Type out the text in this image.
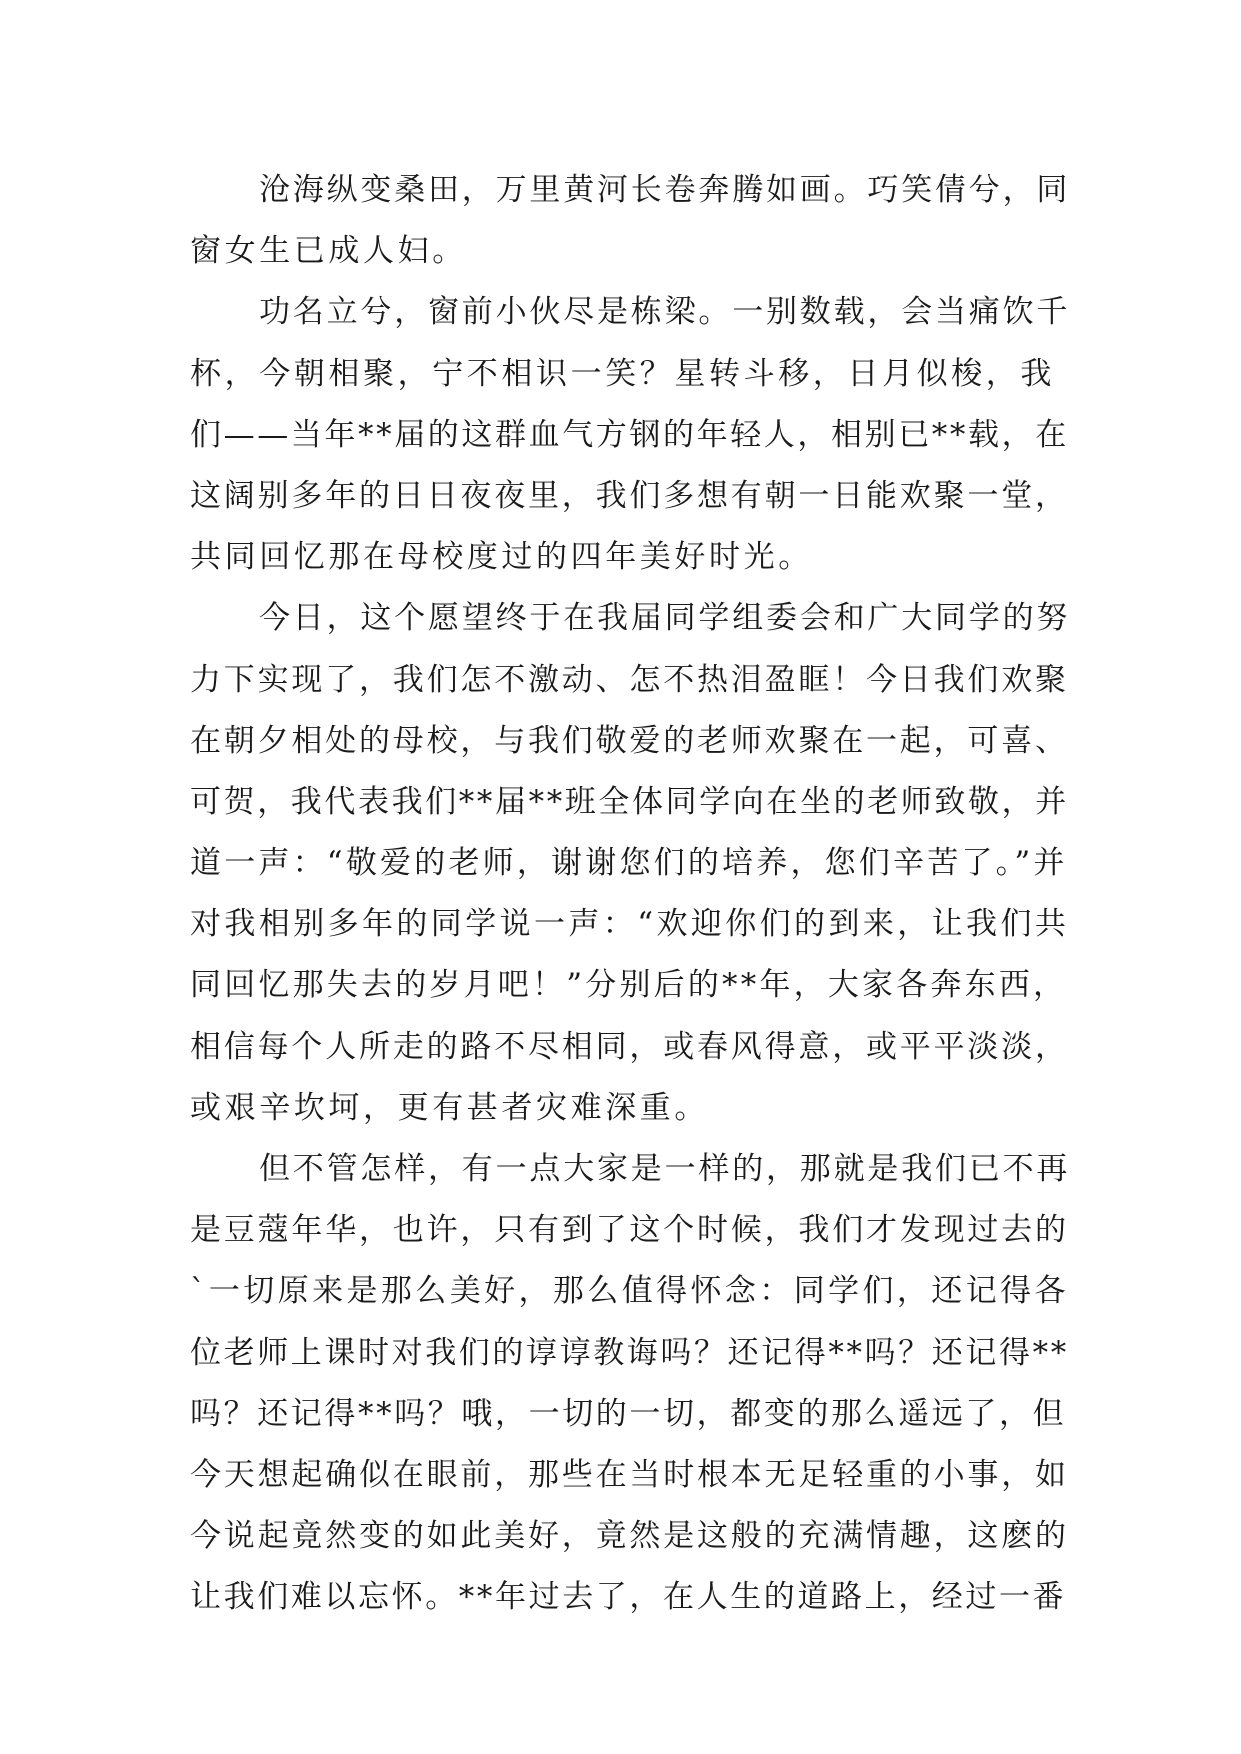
沧海纵变桑田，万里黄河长卷奔腾如画。巧笑倩兮，同
窗女生已成人妇。
功名立兮，窗前小伙尽是栋梁。一别数载，会当痛饮千
杯，今朝相聚，宁不相识一笑？星转斗移，日月似梭，我
们——当年**届的这群血气方钢的年轻人，相别已**载，在
这阔别多年的日日夜夜里，我们多想有朝一日能欢聚一堂，
共同回忆那在母校度过的四年美好时光。
今日，这个愿望终于在我届同学组委会和广大同学的努
力下实现了，我们怎不激动、怎不热泪盈眶！今日我们欢聚
在朝夕相处的母校，与我们敬爱的老师欢聚在一起，可喜、
可贺，我代表我们**届**班全体同学向在坐的老师致敬，并
道一声：“敬爱的老师，谢谢您们的培养，您们辛苦了。”并
对我相别多年的同学说一声：“欢迎你们的到来，让我们共
同回忆那失去的岁月吧！”分别后的**年，大家各奔东西，
相信每个人所走的路不尽相同，或春风得意，或平平淡淡，
或艰辛坎坷，更有甚者灾难深重。
但不管怎样，有一点大家是一样的，那就是我们已不再
是豆蔻年华，也许，只有到了这个时候，我们才发现过去的
`一切原来是那么美好，那么值得怀念：同学们，还记得各
位老师上课时对我们的谆谆教诲吗？还记得**吗？还记得**
吗？还记得**吗？哦，一切的一切，都变的那么遥远了，但
今天想起确似在眼前，那些在当时根本无足轻重的小事，如
今说起竟然变的如此美好，竟然是这般的充满情趣，这麽的
让我们难以忘怀。**年过去了，在人生的道路上，经过一番
